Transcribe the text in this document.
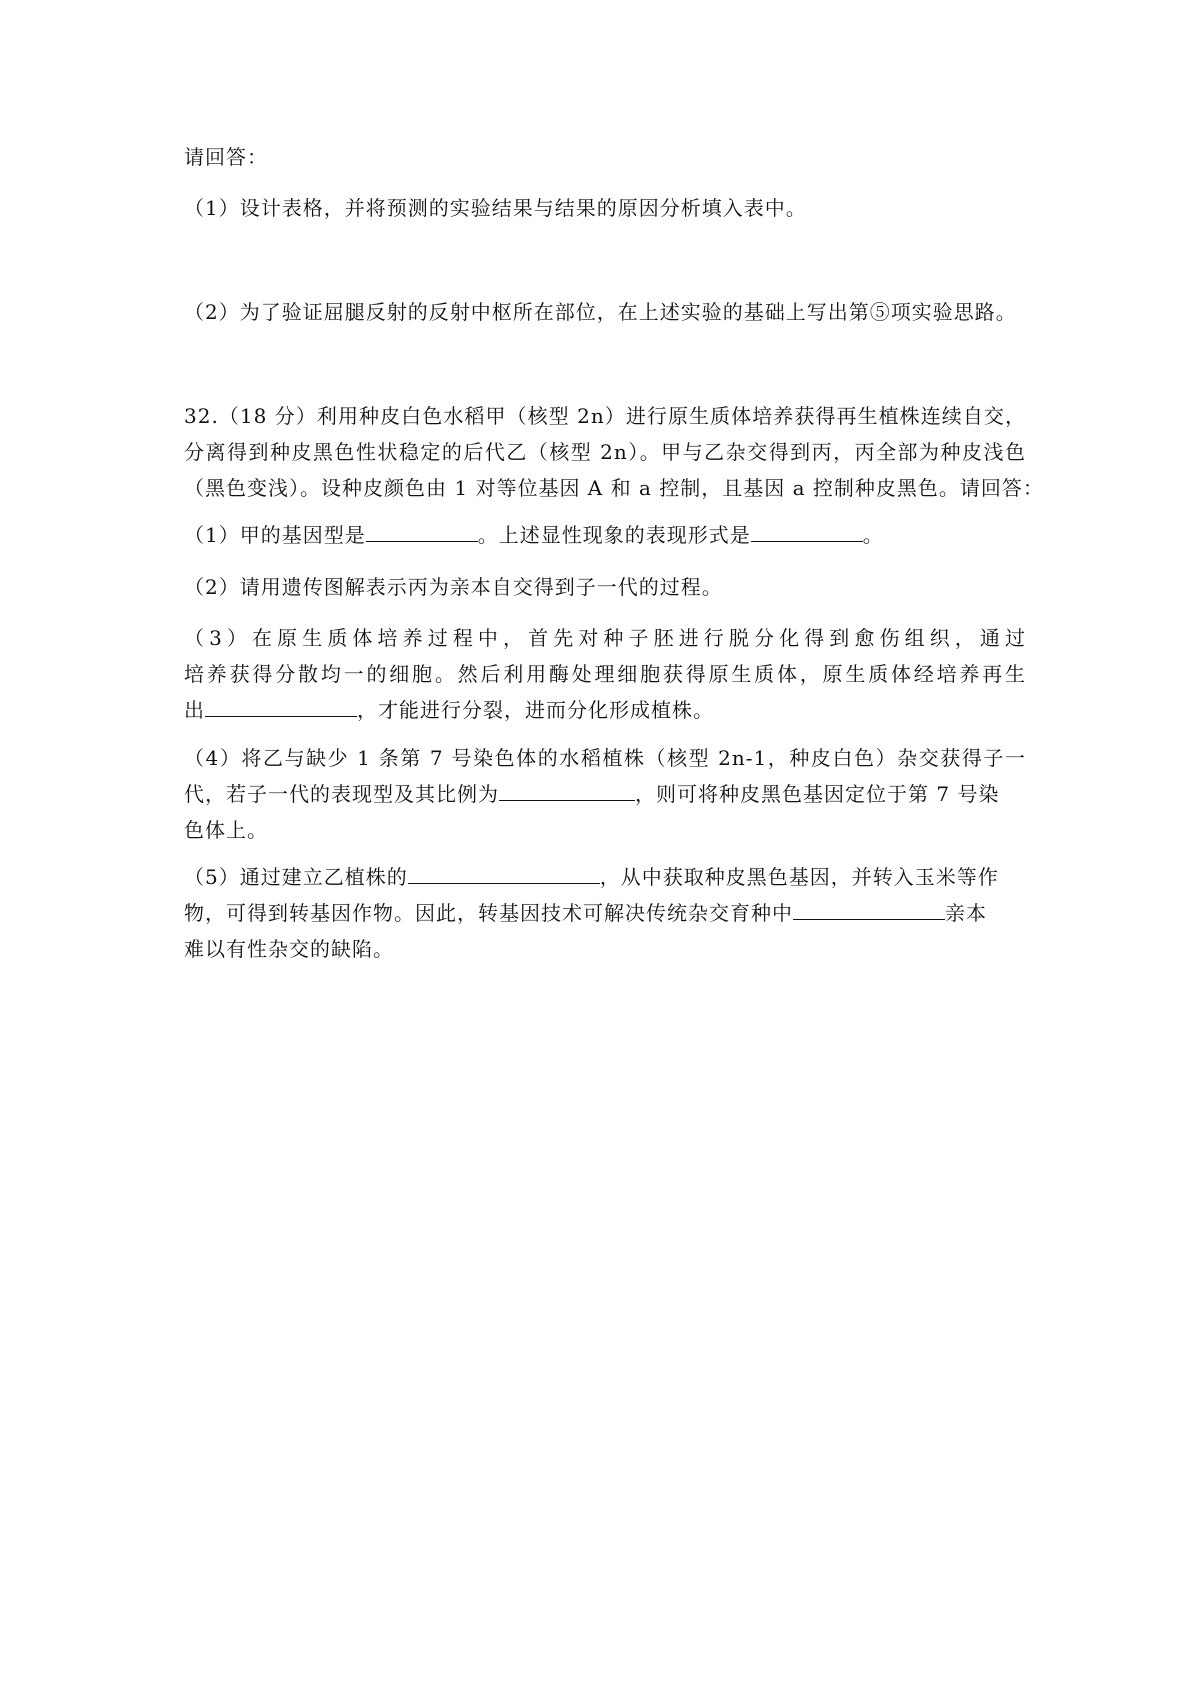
请回答：
（1）设计表格，并将预测的实验结果与结果的原因分析填入表中。
（2）为了验证屈腿反射的反射中枢所在部位，在上述实验的基础上写出第⑤项实验思路。
32.（18 分）利用种皮白色水稻甲（核型 2n）进行原生质体培养获得再生植株连续自交，
分离得到种皮黑色性状稳定的后代乙（核型 2n）。甲与乙杂交得到丙，丙全部为种皮浅色
（黑色变浅）。设种皮颜色由 1 对等位基因 A 和 a 控制，且基因 a 控制种皮黑色。请回答：
（1）甲的基因型是	。上述显性现象的表现形式是	。
（2）请用遗传图解表示丙为亲本自交得到子一代的过程。
（3）在原生质体培养过程中，首先对种子胚进行脱分化得到愈伤组织，通过
培养获得分散均一的细胞。然后利用酶处理细胞获得原生质体，原生质体经培养再生
出	，才能进行分裂，进而分化形成植株。
（4）将乙与缺少 1 条第 7 号染色体的水稻植株（核型 2n-1，种皮白色）杂交获得子一
代，若子一代的表现型及其比例为	，则可将种皮黑色基因定位于第 7 号染
色体上。
（5）通过建立乙植株的	，从中获取种皮黑色基因，并转入玉米等作
物，可得到转基因作物。因此，转基因技术可解决传统杂交育种中	亲本
难以有性杂交的缺陷。
